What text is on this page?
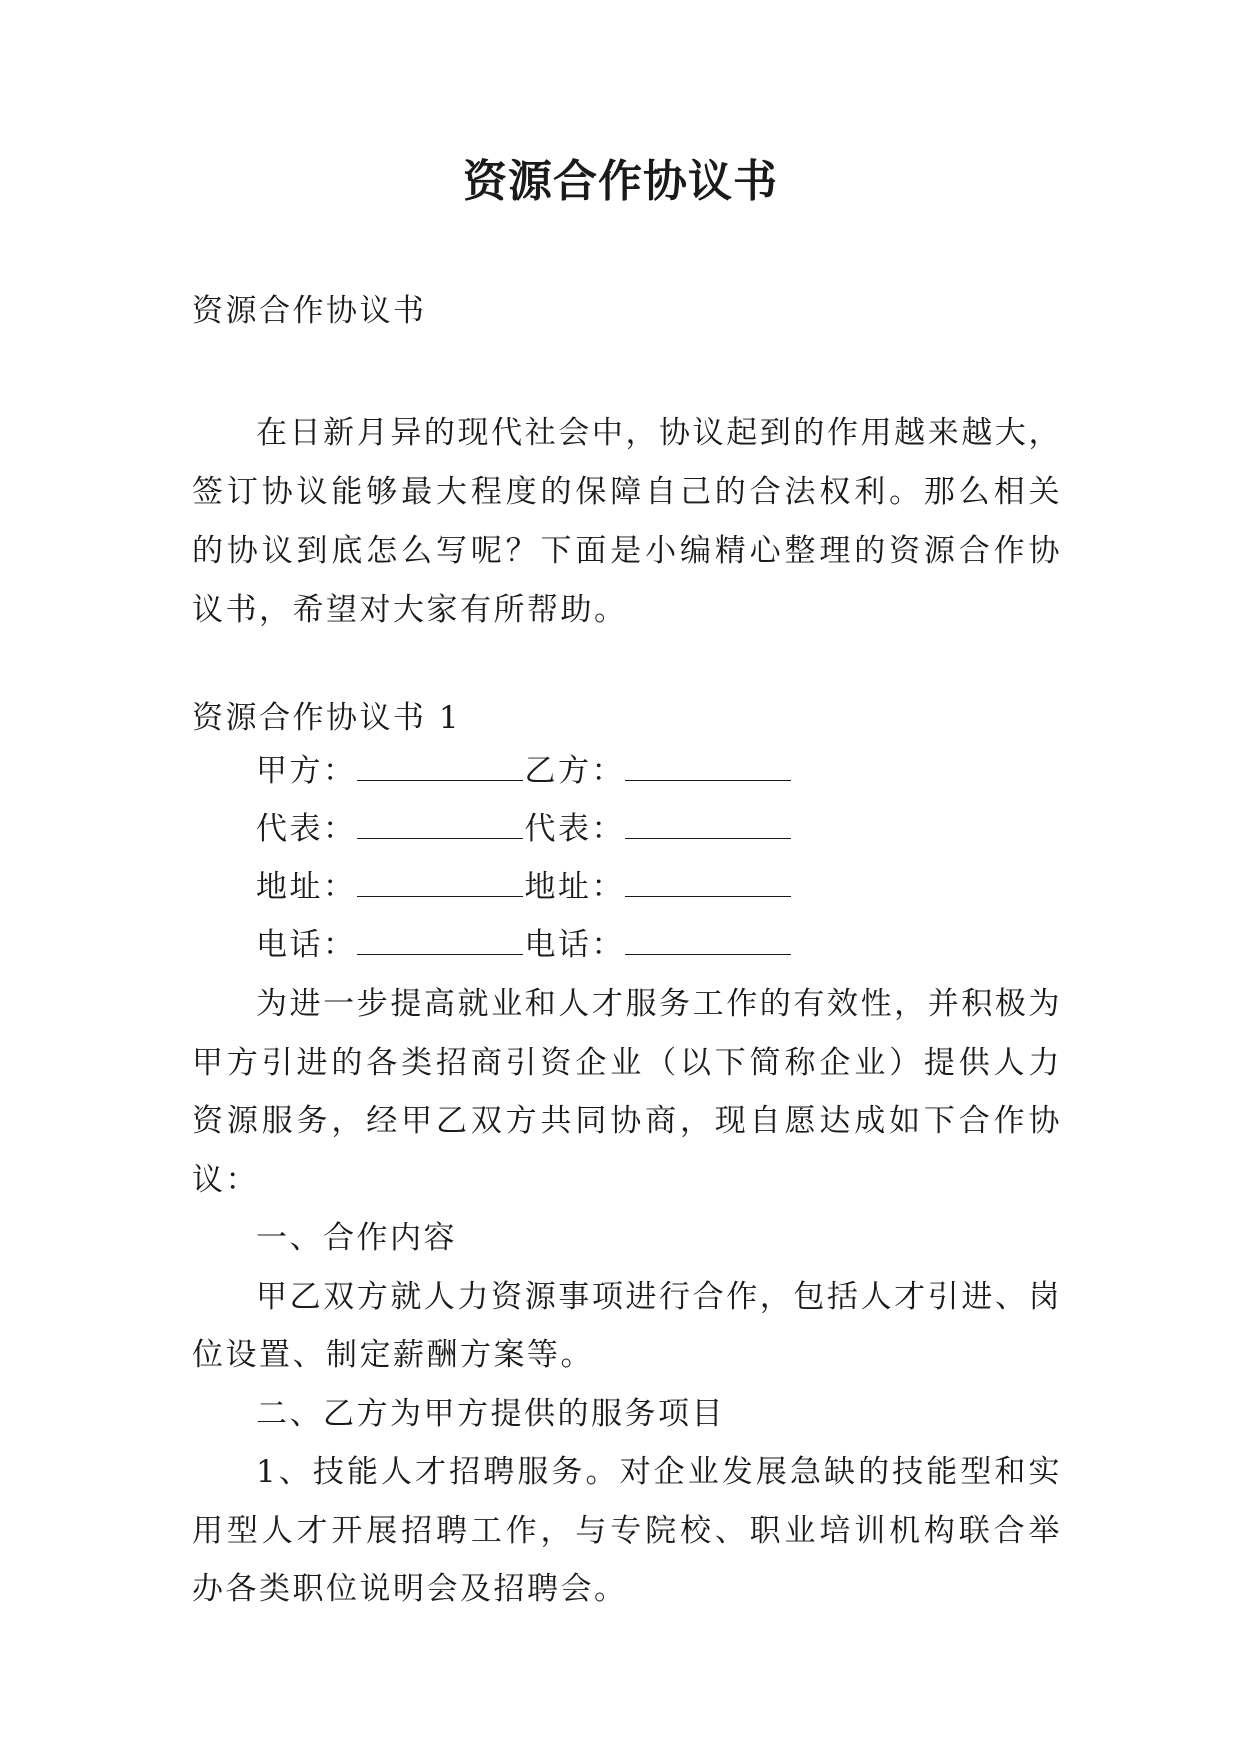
资源合作协议书
资源合作协议书
在日新月异的现代社会中，协议起到的作用越来越大，签订协议能够最大程度的保障自己的合法权利。那么相关的协议到底怎么写呢？下面是小编精心整理的资源合作协议书，希望对大家有所帮助。
资源合作协议书 1
甲方：	乙方：
代表：	代表：
地址：	地址：
电话：	电话：

为进一步提高就业和人才服务工作的有效性，并积极为甲方引进的各类招商引资企业（以下简称企业）提供人力资源服务，经甲乙双方共同协商，现自愿达成如下合作协议：

一、合作内容

甲乙双方就人力资源事项进行合作，包括人才引进、岗位设置、制定薪酬方案等。

二、乙方为甲方提供的服务项目

1、技能人才招聘服务。对企业发展急缺的技能型和实用型人才开展招聘工作，与专院校、职业培训机构联合举办各类职位说明会及招聘会。
